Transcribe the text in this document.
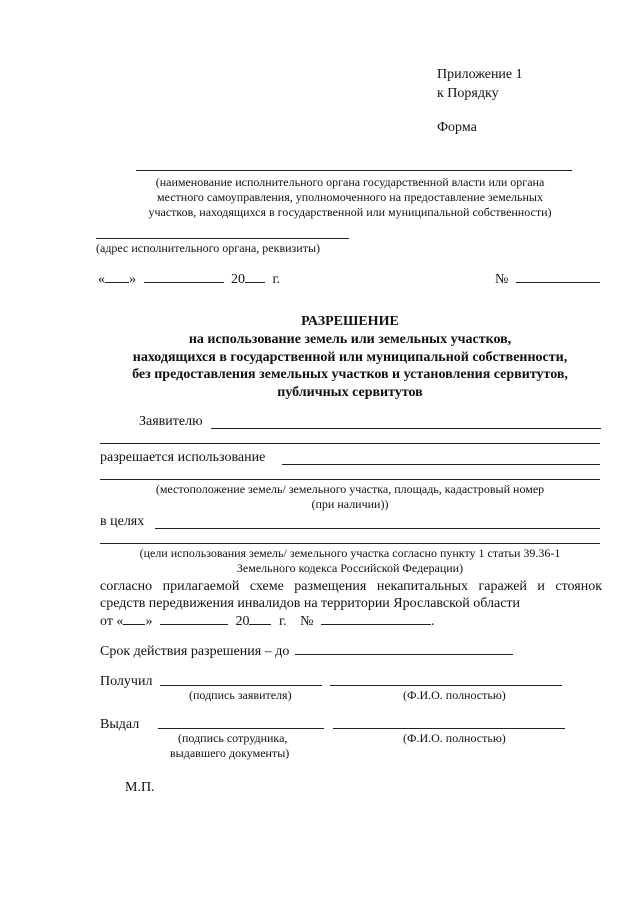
Приложение 1
к Порядку
Форма
(наименование исполнительного органа государственной власти или органа
местного самоуправления, уполномоченного на предоставление земельных
участков, находящихся в государственной или муниципальной собственности)
(адрес исполнительного органа, реквизиты)
« »	20 г.	№
РАЗРЕШЕНИЕ
на использование земель или земельных участков,
находящихся в государственной или муниципальной собственности,
без предоставления земельных участков и установления сервитутов,
публичных сервитутов
Заявителю
разрешается использование
(местоположение земель/ земельного участка, площадь, кадастровый номер
(при наличии))
в целях
(цели использования земель/ земельного участка согласно пункту 1 статьи 39.36-1
Земельного кодекса Российской Федерации)
согласно прилагаемой схеме размещения некапитальных гаражей и стоянок
средств передвижения инвалидов на территории Ярославской области
от « »	20 г. №	.
Срок действия разрешения – до
Получил
(подпись заявителя)	(Ф.И.О. полностью)
Выдал
(подпись сотрудника,	(Ф.И.О. полностью)
выдавшего документы)
М.П.
